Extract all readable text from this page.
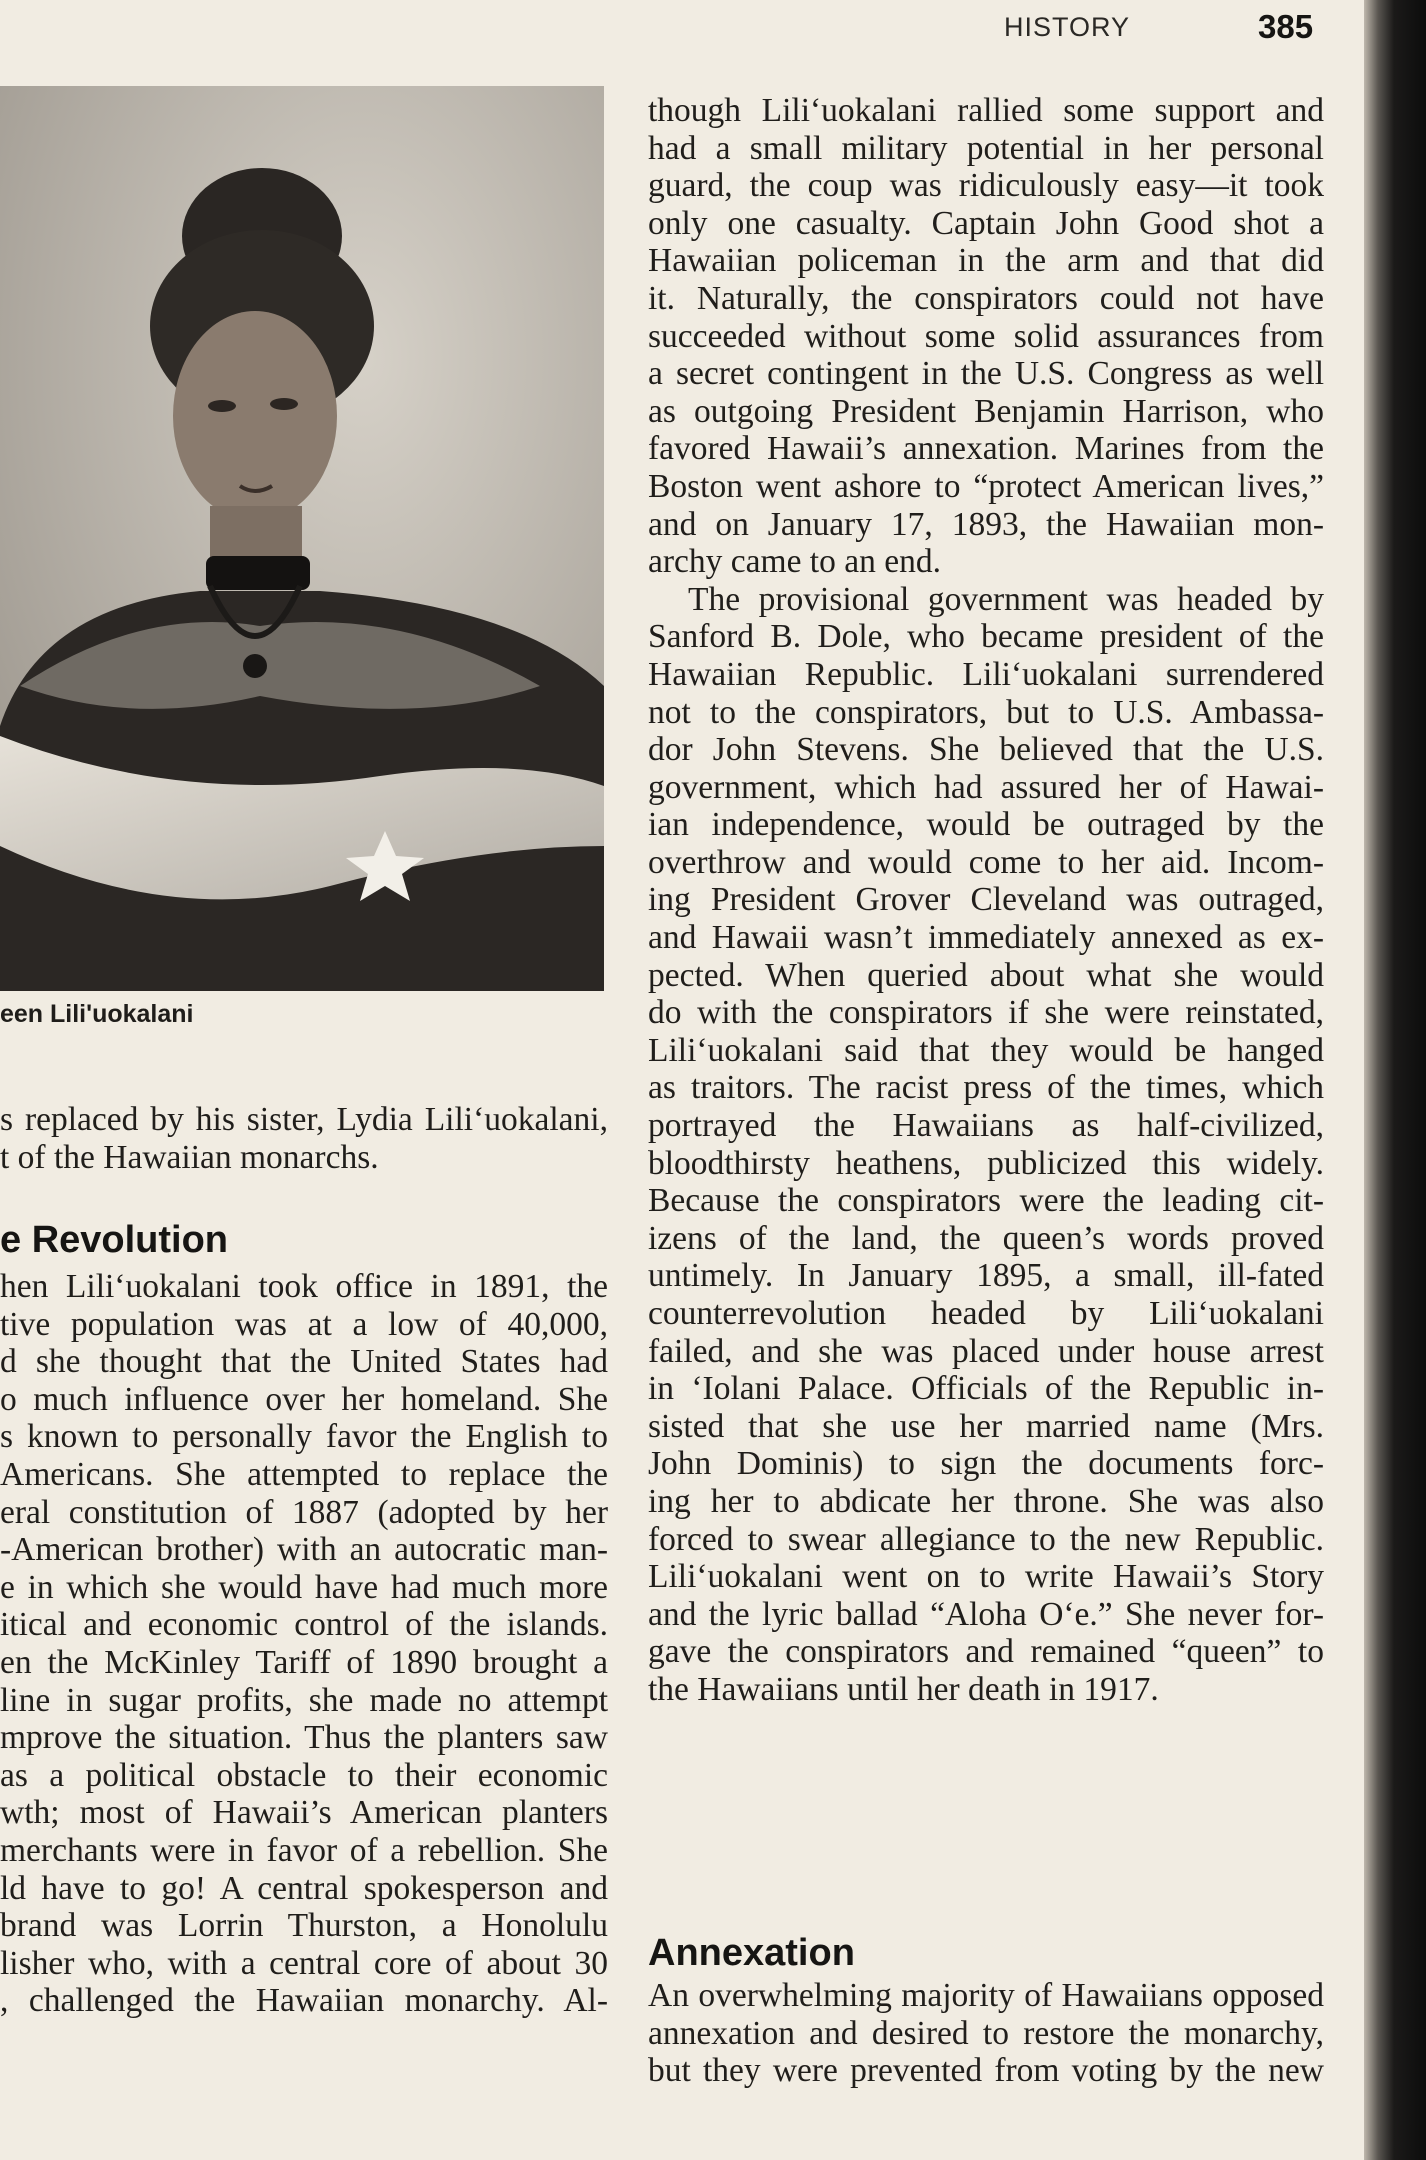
HISTORY	385
een Lili'uokalani
s replaced by his sister, Lydia Lili‘uokalani,
t of the Hawaiian monarchs.
e Revolution
hen Lili‘uokalani took office in 1891, the
tive population was at a low of 40,000,
d she thought that the United States had
o much influence over her homeland. She
s known to personally favor the English to
Americans. She attempted to replace the
eral constitution of 1887 (adopted by her
-American brother) with an autocratic man-
e in which she would have had much more
itical and economic control of the islands.
en the McKinley Tariff of 1890 brought a
line in sugar profits, she made no attempt
mprove the situation. Thus the planters saw
as a political obstacle to their economic
wth; most of Hawaii’s American planters
merchants were in favor of a rebellion. She
ld have to go! A central spokesperson and
brand was Lorrin Thurston, a Honolulu
lisher who, with a central core of about 30
, challenged the Hawaiian monarchy. Al-
though Lili‘uokalani rallied some support and
had a small military potential in her personal
guard, the coup was ridiculously easy—it took
only one casualty. Captain John Good shot a
Hawaiian policeman in the arm and that did
it. Naturally, the conspirators could not have
succeeded without some solid assurances from
a secret contingent in the U.S. Congress as well
as outgoing President Benjamin Harrison, who
favored Hawaii’s annexation. Marines from the
Boston went ashore to “protect American lives,”
and on January 17, 1893, the Hawaiian mon-
archy came to an end.
The provisional government was headed by
Sanford B. Dole, who became president of the
Hawaiian Republic. Lili‘uokalani surrendered
not to the conspirators, but to U.S. Ambassa-
dor John Stevens. She believed that the U.S.
government, which had assured her of Hawai-
ian independence, would be outraged by the
overthrow and would come to her aid. Incom-
ing President Grover Cleveland was outraged,
and Hawaii wasn’t immediately annexed as ex-
pected. When queried about what she would
do with the conspirators if she were reinstated,
Lili‘uokalani said that they would be hanged
as traitors. The racist press of the times, which
portrayed the Hawaiians as half-civilized,
bloodthirsty heathens, publicized this widely.
Because the conspirators were the leading cit-
izens of the land, the queen’s words proved
untimely. In January 1895, a small, ill-fated
counterrevolution headed by Lili‘uokalani
failed, and she was placed under house arrest
in ‘Iolani Palace. Officials of the Republic in-
sisted that she use her married name (Mrs.
John Dominis) to sign the documents forc-
ing her to abdicate her throne. She was also
forced to swear allegiance to the new Republic.
Lili‘uokalani went on to write Hawaii’s Story
and the lyric ballad “Aloha O‘e.” She never for-
gave the conspirators and remained “queen” to
the Hawaiians until her death in 1917.
Annexation
An overwhelming majority of Hawaiians opposed
annexation and desired to restore the monarchy,
but they were prevented from voting by the new
